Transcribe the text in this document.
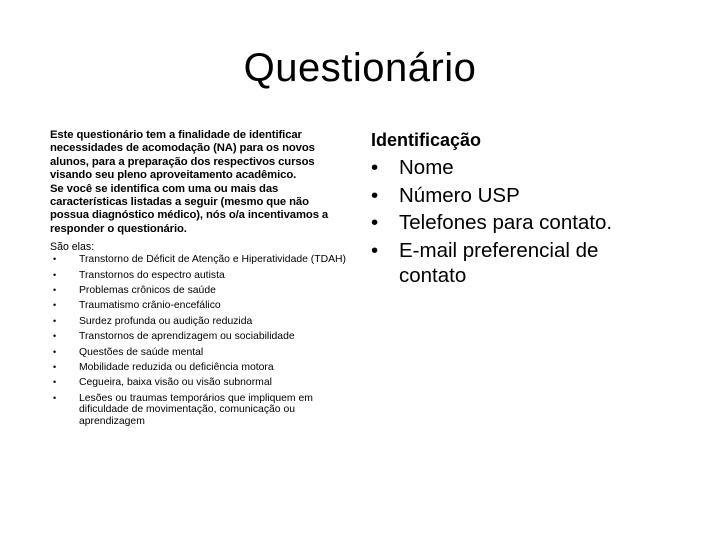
Questionário

Este questionário tem a finalidade de identificar necessidades de acomodação (NA) para os novos alunos, para a preparação dos respectivos cursos visando seu pleno aproveitamento acadêmico.

Se você se identifica com uma ou mais das características listadas a seguir (mesmo que não possua diagnóstico médico), nós o/a incentivamos a responder o questionário.

São elas:
• Transtorno de Déficit de Atenção e Hiperatividade (TDAH)
• Transtornos do espectro autista
• Problemas crônicos de saúde
• Traumatismo crânio-encefálico
• Surdez profunda ou audição reduzida
• Transtornos de aprendizagem ou sociabilidade
• Questões de saúde mental
• Mobilidade reduzida ou deficiência motora
• Cegueira, baixa visão ou visão subnormal
• Lesões ou traumas temporários que impliquem em dificuldade de movimentação, comunicação ou aprendizagem
Identificação
• Nome
• Número USP
• Telefones para contato.
• E-mail preferencial de contato
